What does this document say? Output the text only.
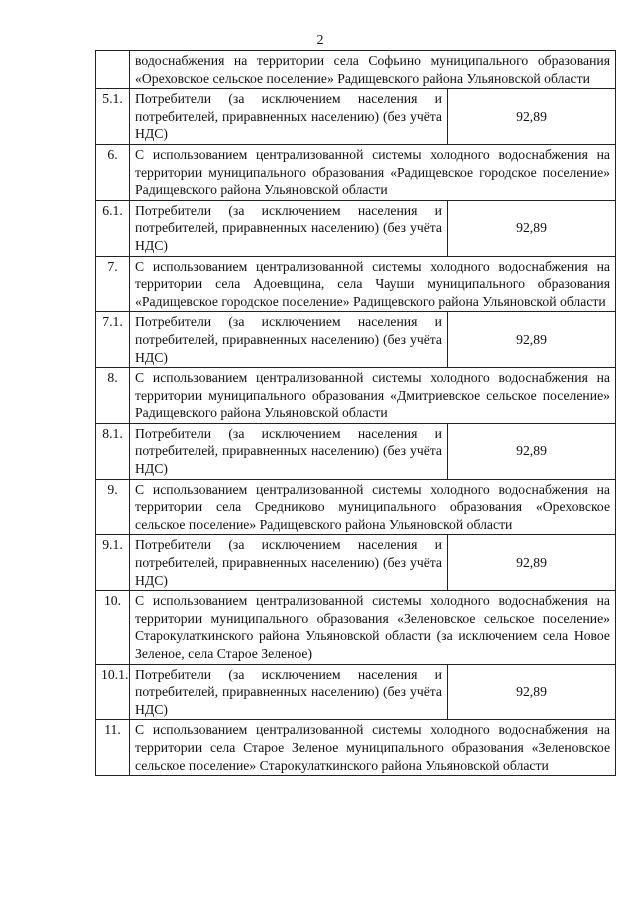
2
	водоснабжения на территории села Софьино муниципального образования «Ореховское сельское поселение» Радищевского района Ульяновской области	
5.1.	Потребители (за исключением населения и потребителей, приравненных населению) (без учёта НДС)	92,89
6.	С использованием централизованной системы холодного водоснабжения на территории муниципального образования «Радищевское городское поселение» Радищевского района Ульяновской области	
6.1.	Потребители (за исключением населения и потребителей, приравненных населению) (без учёта НДС)	92,89
7.	С использованием централизованной системы холодного водоснабжения на территории села Адоевщина, села Чауши муниципального образования «Радищевское городское поселение» Радищевского района Ульяновской области	
7.1.	Потребители (за исключением населения и потребителей, приравненных населению) (без учёта НДС)	92,89
8.	С использованием централизованной системы холодного водоснабжения на территории муниципального образования «Дмитриевское сельское поселение» Радищевского района Ульяновской области	
8.1.	Потребители (за исключением населения и потребителей, приравненных населению) (без учёта НДС)	92,89
9.	С использованием централизованной системы холодного водоснабжения на территории села Средниково муниципального образования «Ореховское сельское поселение» Радищевского района Ульяновской области	
9.1.	Потребители (за исключением населения и потребителей, приравненных населению) (без учёта НДС)	92,89
10.	С использованием централизованной системы холодного водоснабжения на территории муниципального образования «Зеленовское сельское поселение» Старокулаткинского района Ульяновской области (за исключением села Новое Зеленое, села Старое Зеленое)	
10.1.	Потребители (за исключением населения и потребителей, приравненных населению) (без учёта НДС)	92,89
11.	С использованием централизованной системы холодного водоснабжения на территории села Старое Зеленое муниципального образования «Зеленовское сельское поселение» Старокулаткинского района Ульяновской области	
